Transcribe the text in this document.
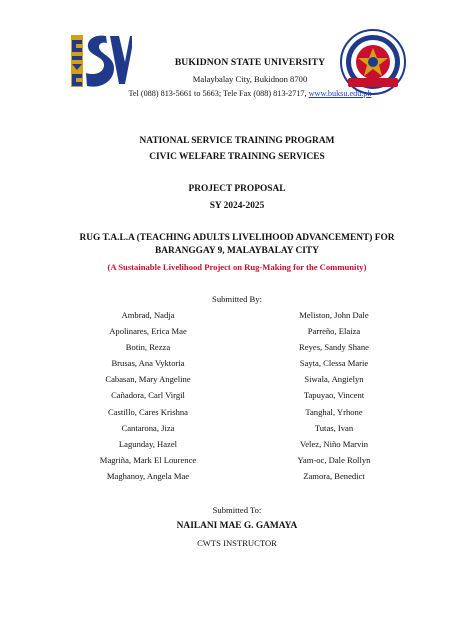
BUKIDNON STATE UNIVERSITY
Malaybalay City, Bukidnon 8700
Tel (088) 813-5661 to 5663; Tele Fax (088) 813-2717, www.buksu.edu.ph
NATIONAL SERVICE TRAINING PROGRAM
CIVIC WELFARE TRAINING SERVICES
PROJECT PROPOSAL
SY 2024-2025
RUG T.A.L.A (TEACHING ADULTS LIVELIHOOD ADVANCEMENT) FOR
BARANGGAY 9, MALAYBALAY CITY
(A Sustainable Livelihood Project on Rug-Making for the Community)
Submitted By:
Ambrad, Nadja
Apolinares, Erica Mae
Botin, Rezza
Brusas, Ana Vyktoria
Cabasan, Mary Angeline
Cañadora, Carl Virgil
Castillo, Cares Krishna
Cantarona, Jiza
Lagunday, Hazel
Magriña, Mark El Lourence
Maghanoy, Angela Mae
Meliston, John Dale
Parreño, Elaiza
Reyes, Sandy Shane
Sayta, Clessa Marie
Siwala, Angielyn
Tapuyao, Vincent
Tanghal, Yrhone
Tutas, Ivan
Velez, Niño Marvin
Yam-oc, Dale Rollyn
Zamora, Benedict
Submitted To:
NAILANI MAE G. GAMAYA
CWTS INSTRUCTOR
